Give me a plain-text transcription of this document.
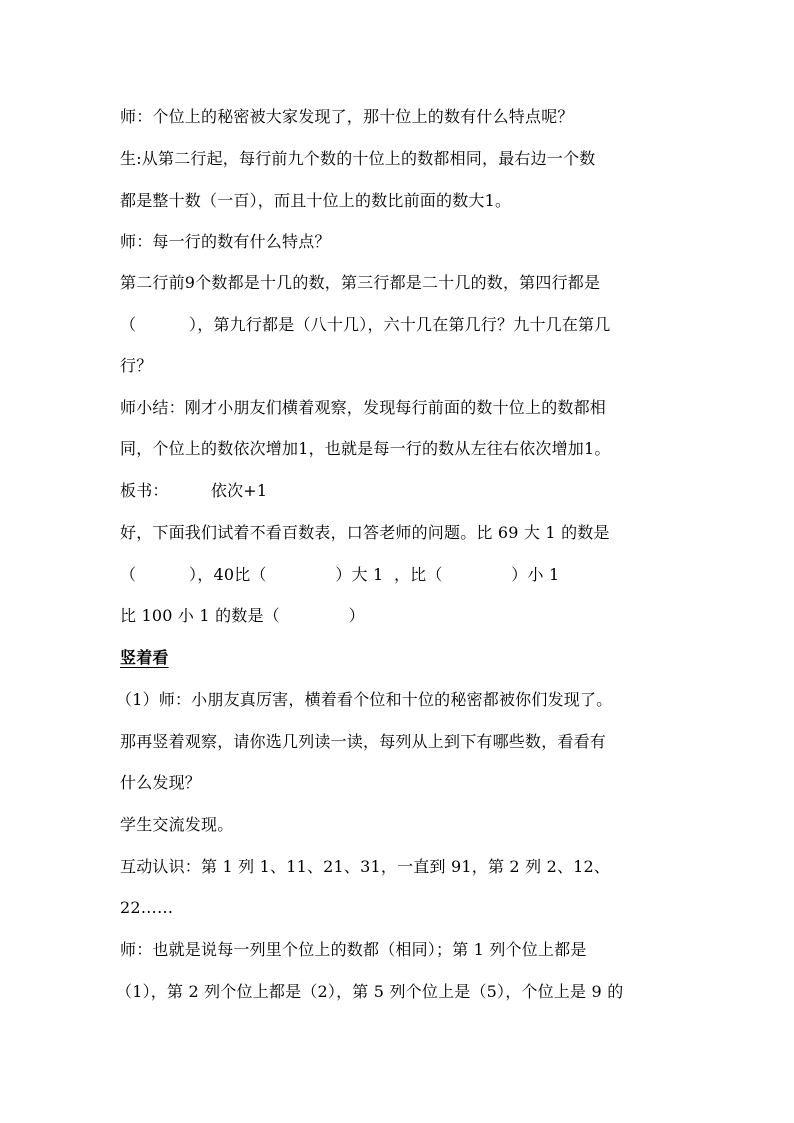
师：个位上的秘密被大家发现了，那十位上的数有什么特点呢？
生:从第二行起，每行前九个数的十位上的数都相同，最右边一个数
都是整十数（一百），而且十位上的数比前面的数大1。
师：每一行的数有什么特点？
第二行前9个数都是十几的数，第三行都是二十几的数，第四行都是
（          ），第九行都是（八十几），六十几在第几行？九十几在第几
行？
师小结：刚才小朋友们横着观察，发现每行前面的数十位上的数都相
同，个位上的数依次增加1，也就是每一行的数从左往右依次增加1。
板书：        依次+1
好，下面我们试着不看百数表，口答老师的问题。比 69 大 1 的数是
（          ），40比（             ）大 1  ，比（             ）小 1
比 100 小 1 的数是（             ）
竖着看
（1）师：小朋友真厉害，横着看个位和十位的秘密都被你们发现了。
那再竖着观察，请你选几列读一读，每列从上到下有哪些数，看看有
什么发现？
学生交流发现。
互动认识：第 1 列 1、11、21、31，一直到 91，第 2 列 2、12、
22……
师：也就是说每一列里个位上的数都（相同）；第 1 列个位上都是
（1），第 2 列个位上都是（2），第 5 列个位上是（5），个位上是 9 的
